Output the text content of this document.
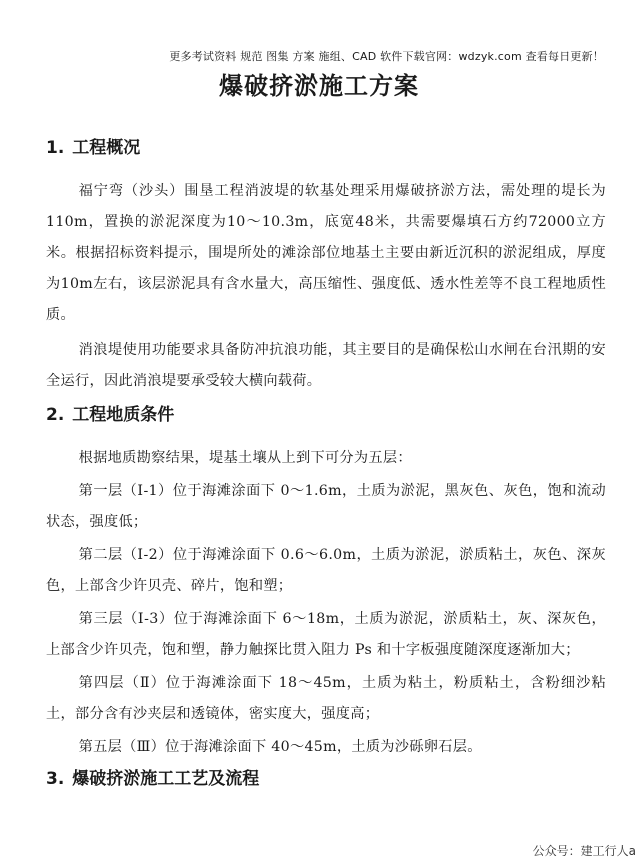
更多考试资料 规范 图集 方案 施组、CAD 软件下载官网：wdzyk.com 查看每日更新！
爆破挤淤施工方案
1. 工程概况

福宁弯（沙头）围垦工程消波堤的软基处理采用爆破挤淤方法，需处理的堤长为110m，置换的淤泥深度为10～10.3m，底宽48米，共需要爆填石方约72000立方米。根据招标资料提示，围堤所处的滩涂部位地基土主要由新近沉积的淤泥组成，厚度为10m左右，该层淤泥具有含水量大，高压缩性、强度低、透水性差等不良工程地质性质。

消浪堤使用功能要求具备防冲抗浪功能，其主要目的是确保松山水闸在台汛期的安全运行，因此消浪堤要承受较大横向载荷。

2. 工程地质条件

根据地质勘察结果，堤基土壤从上到下可分为五层：

第一层（Ⅰ-1）位于海滩涂面下 0～1.6m，土质为淤泥，黑灰色、灰色，饱和流动状态，强度低；

第二层（Ⅰ-2）位于海滩涂面下 0.6～6.0m，土质为淤泥，淤质粘土，灰色、深灰色，上部含少许贝壳、碎片，饱和塑；

第三层（Ⅰ-3）位于海滩涂面下 6～18m，土质为淤泥，淤质粘土，灰、深灰色，上部含少许贝壳，饱和塑，静力触探比贯入阻力 Ps 和十字板强度随深度逐渐加大；

第四层（Ⅱ）位于海滩涂面下 18～45m，土质为粘土，粉质粘土，含粉细沙粘土，部分含有沙夹层和透镜体，密实度大，强度高；

第五层（Ⅲ）位于海滩涂面下 40～45m，土质为沙砾卵石层。

3. 爆破挤淤施工工艺及流程
公众号：建工行人a
